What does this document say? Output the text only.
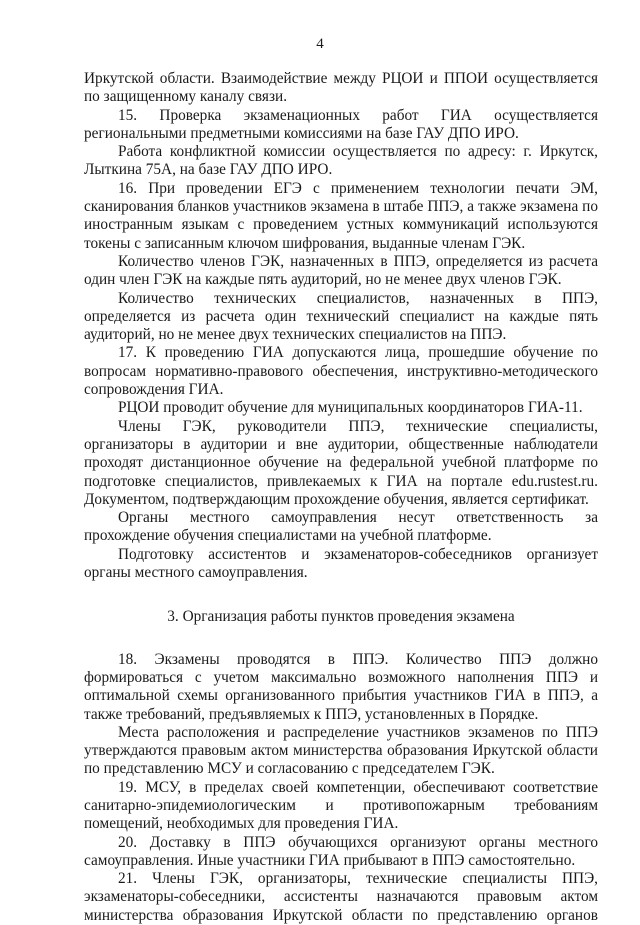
4

Иркутской области. Взаимодействие между РЦОИ и ППОИ осуществляется по защищенному каналу связи.

15. Проверка экзаменационных работ ГИА осуществляется региональными предметными комиссиями на базе ГАУ ДПО ИРО.

Работа конфликтной комиссии осуществляется по адресу: г. Иркутск, Лыткина 75А, на базе ГАУ ДПО ИРО.

16. При проведении ЕГЭ с применением технологии печати ЭМ, сканирования бланков участников экзамена в штабе ППЭ, а также экзамена по иностранным языкам с проведением устных коммуникаций используются токены с записанным ключом шифрования, выданные членам ГЭК.

Количество членов ГЭК, назначенных в ППЭ, определяется из расчета один член ГЭК на каждые пять аудиторий, но не менее двух членов ГЭК.

Количество технических специалистов, назначенных в ППЭ, определяется из расчета один технический специалист на каждые пять аудиторий, но не менее двух технических специалистов на ППЭ.

17. К проведению ГИА допускаются лица, прошедшие обучение по вопросам нормативно-правового обеспечения, инструктивно-методического сопровождения ГИА.

РЦОИ проводит обучение для муниципальных координаторов ГИА-11.

Члены ГЭК, руководители ППЭ, технические специалисты, организаторы в аудитории и вне аудитории, общественные наблюдатели проходят дистанционное обучение на федеральной учебной платформе по подготовке специалистов, привлекаемых к ГИА на портале edu.rustest.ru. Документом, подтверждающим прохождение обучения, является сертификат.

Органы местного самоуправления несут ответственность за прохождение обучения специалистами на учебной платформе.

Подготовку ассистентов и экзаменаторов-собеседников организует органы местного самоуправления.

3. Организация работы пунктов проведения экзамена

18. Экзамены проводятся в ППЭ. Количество ППЭ должно формироваться с учетом максимально возможного наполнения ППЭ и оптимальной схемы организованного прибытия участников ГИА в ППЭ, а также требований, предъявляемых к ППЭ, установленных в Порядке.

Места расположения и распределение участников экзаменов по ППЭ утверждаются правовым актом министерства образования Иркутской области по представлению МСУ и согласованию с председателем ГЭК.

19. МСУ, в пределах своей компетенции, обеспечивают соответствие санитарно-эпидемиологическим и противопожарным требованиям помещений, необходимых для проведения ГИА.

20. Доставку в ППЭ обучающихся организуют органы местного самоуправления. Иные участники ГИА прибывают в ППЭ самостоятельно.

21. Члены ГЭК, организаторы, технические специалисты ППЭ, экзаменаторы-собеседники, ассистенты назначаются правовым актом министерства образования Иркутской области по представлению органов
